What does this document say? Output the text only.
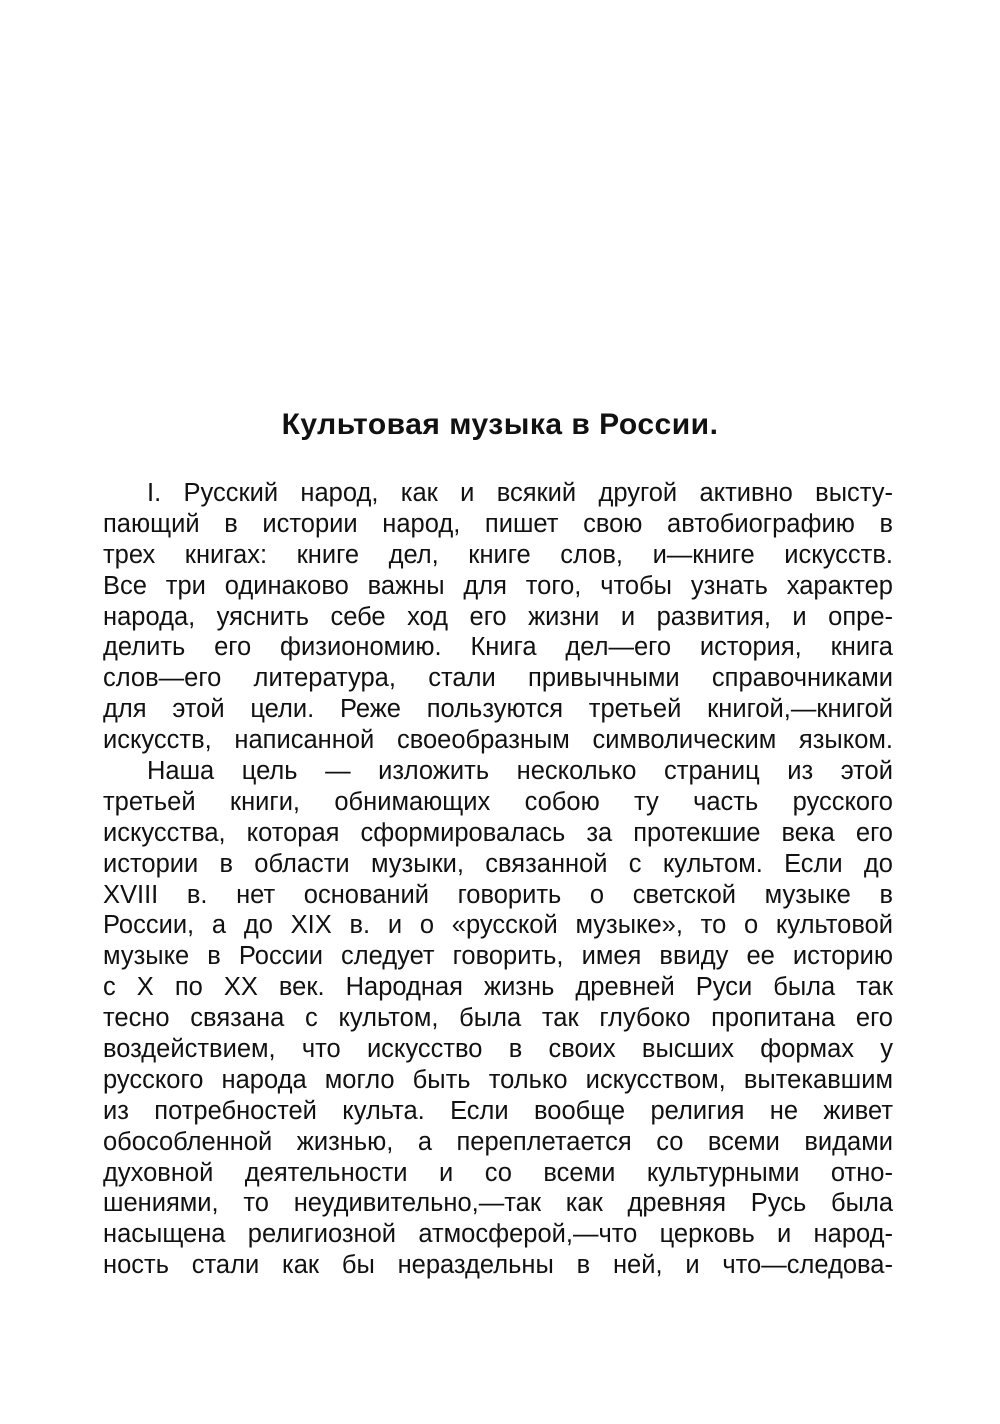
Культовая музыка в России.
I. Русский народ, как и всякий другой активно высту-
пающий в истории народ, пишет свою автобиографию в
трех книгах: книге дел, книге слов, и—книге искусств.
Все три одинаково важны для того, чтобы узнать характер
народа, уяснить себе ход его жизни и развития, и опре-
делить его физиономию. Книга дел—его история, книга
слов—его литература, стали привычными справочниками
для этой цели. Реже пользуются третьей книгой,—книгой
искусств, написанной своеобразным символическим языком.
Наша цель — изложить несколько страниц из этой
третьей книги, обнимающих собою ту часть русского
искусства, которая сформировалась за протекшие века его
истории в области музыки, связанной с культом. Если до
XVIII в. нет оснований говорить о светской музыке в
России, а до XIX в. и о «русской музыке», то о культовой
музыке в России следует говорить, имея ввиду ее историю
с X по XX век. Народная жизнь древней Руси была так
тесно связана с культом, была так глубоко пропитана его
воздействием, что искусство в своих высших формах у
русского народа могло быть только искусством, вытекавшим
из потребностей культа. Если вообще религия не живет
обособленной жизнью, а переплетается со всеми видами
духовной деятельности и со всеми культурными отно-
шениями, то неудивительно,—так как древняя Русь была
насыщена религиозной атмосферой,—что церковь и народ-
ность стали как бы нераздельны в ней, и что—следова-
